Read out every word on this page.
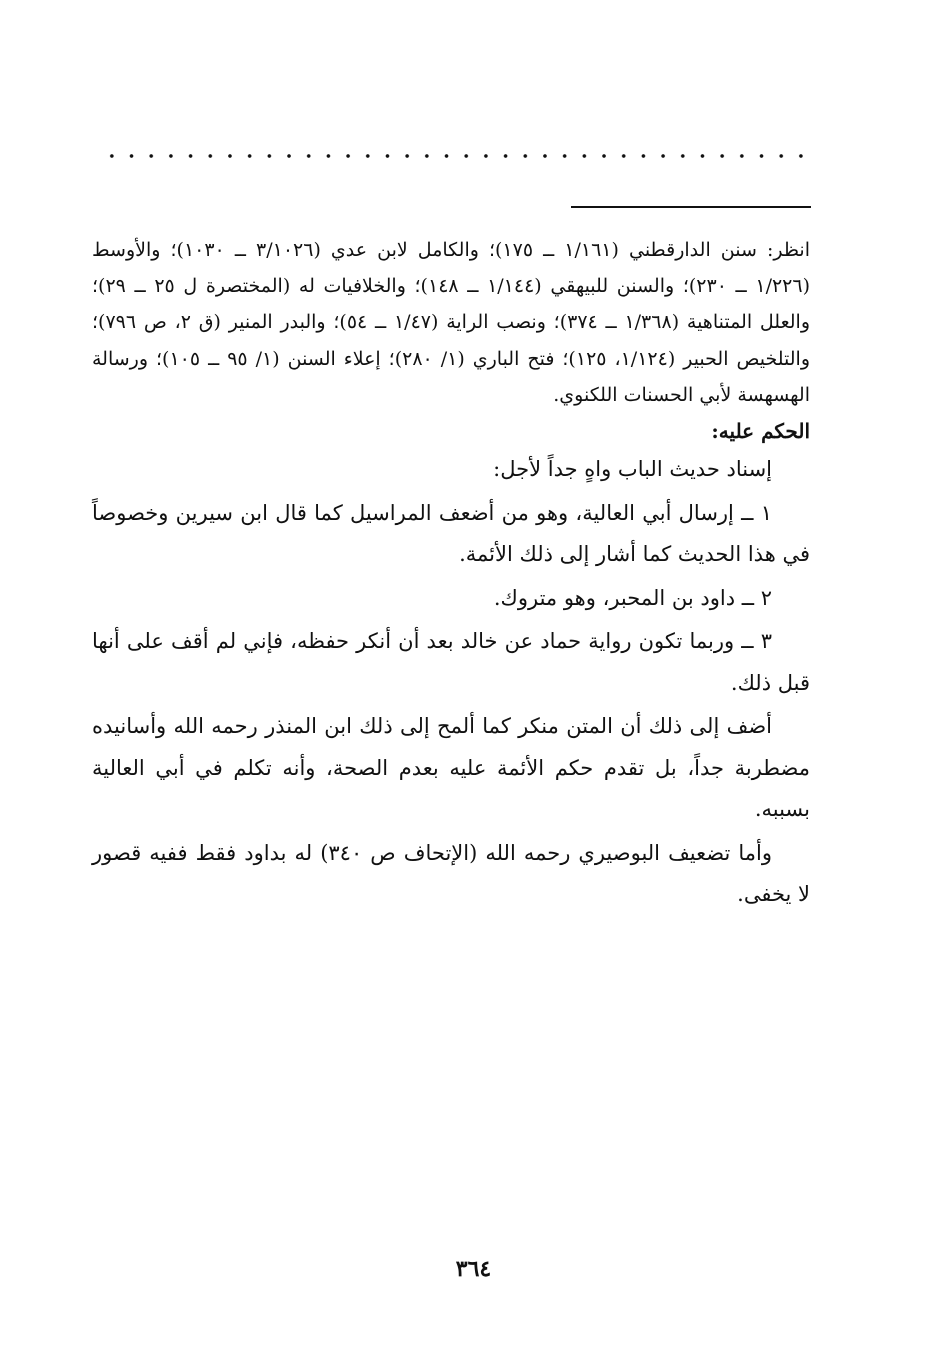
انظر: سنن الدارقطني (١/١٦١ ــ ١٧٥)؛ والكامل لابن عدي (٣/١٠٢٦ ــ ١٠٣٠)؛ والأوسط (١/٢٢٦ ــ ٢٣٠)؛ والسنن للبيهقي (١/١٤٤ ــ ١٤٨)؛ والخلافيات له (المختصرة ل ٢٥ ــ ٢٩)؛ والعلل المتناهية (١/٣٦٨ ــ ٣٧٤)؛ ونصب الراية (١/٤٧ ــ ٥٤)؛ والبدر المنير (ق ٢، ص ٧٩٦)؛ والتلخيص الحبير (١/١٢٤، ١٢٥)؛ فتح الباري (١/ ٢٨٠)؛ إعلاء السنن (١/ ٩٥ ــ ١٠٥)؛ ورسالة الهسهسة لأبي الحسنات اللكنوي.

الحكم عليه:

إسناد حديث الباب واهٍ جداً لأجل:

١ ــ إرسال أبي العالية، وهو من أضعف المراسيل كما قال ابن سيرين وخصوصاً في هذا الحديث كما أشار إلى ذلك الأئمة.

٢ ــ داود بن المحبر، وهو متروك.

٣ ــ وربما تكون رواية حماد عن خالد بعد أن أنكر حفظه، فإني لم أقف على أنها قبل ذلك.

أضف إلى ذلك أن المتن منكر كما ألمح إلى ذلك ابن المنذر رحمه الله وأسانيده مضطربة جداً، بل تقدم حكم الأئمة عليه بعدم الصحة، وأنه تكلم في أبي العالية بسببه.

وأما تضعيف البوصيري رحمه الله (الإتحاف ص ٣٤٠) له بداود فقط ففيه قصور لا يخفى.

٣٦٤
